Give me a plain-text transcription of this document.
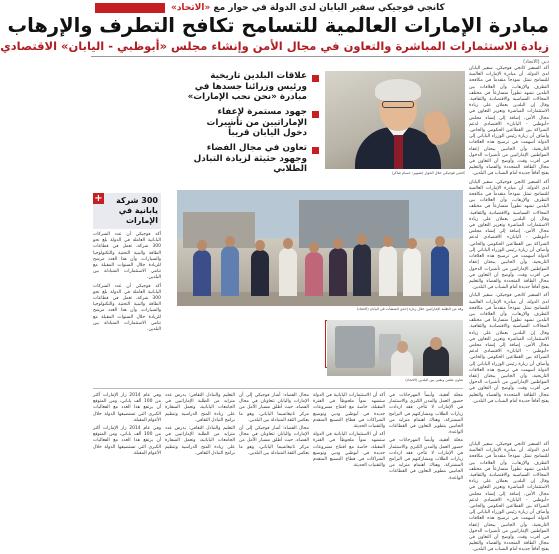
كانجي فوجيكي سفير اليابان لدى الدولة في حوار مع «الاتحاد»
مبادرة الإمارات العالمية للتسامح تكافح التطرف والإرهاب
زيادة الاستثمارات المباشرة والتعاون في مجال الأمن وإنشاء مجلس «أبوظبي - اليابان» الاقتصادي
دبي (الاتحاد)

أكد السفير كانجي فوجيكي، سفير اليابان لدى الدولة، أن مبادرة الإمارات العالمية للتسامح تمثل نموذجاً متقدماً في مكافحة التطرف والإرهاب، وأن العلاقات بين البلدين تشهد تطوراً متسارعاً في مختلف المجالات السياسية والاقتصادية والثقافية. وقال إن البلدين يعملان على زيادة الاستثمارات المباشرة وتعزيز التعاون في مجال الأمن، إضافة إلى إنشاء مجلس «أبوظبي - اليابان» الاقتصادي لدعم الشراكة بين القطاعين الحكومي والخاص. وأضاف أن زيارة رئيس الوزراء الياباني إلى الدولة أسهمت في ترسيخ هذه العلاقات التاريخية، وأن الجانبين يبحثان إعفاء المواطنين الإماراتيين من تأشيرات الدخول في أقرب وقت. وأوضح أن التعاون في مجال الطاقة المتجددة والفضاء والتعليم يفتح آفاقاً جديدة أمام الشباب في البلدين.

أكد السفير كانجي فوجيكي، سفير اليابان لدى الدولة، أن مبادرة الإمارات العالمية للتسامح تمثل نموذجاً متقدماً في مكافحة التطرف والإرهاب، وأن العلاقات بين البلدين تشهد تطوراً متسارعاً في مختلف المجالات السياسية والاقتصادية والثقافية. وقال إن البلدين يعملان على زيادة الاستثمارات المباشرة وتعزيز التعاون في مجال الأمن، إضافة إلى إنشاء مجلس «أبوظبي - اليابان» الاقتصادي لدعم الشراكة بين القطاعين الحكومي والخاص. وأضاف أن زيارة رئيس الوزراء الياباني إلى الدولة أسهمت في ترسيخ هذه العلاقات التاريخية، وأن الجانبين يبحثان إعفاء المواطنين الإماراتيين من تأشيرات الدخول في أقرب وقت. وأوضح أن التعاون في مجال الطاقة المتجددة والفضاء والتعليم يفتح آفاقاً جديدة أمام الشباب في البلدين.

أكد السفير كانجي فوجيكي، سفير اليابان لدى الدولة، أن مبادرة الإمارات العالمية للتسامح تمثل نموذجاً متقدماً في مكافحة التطرف والإرهاب، وأن العلاقات بين البلدين تشهد تطوراً متسارعاً في مختلف المجالات السياسية والاقتصادية والثقافية. وقال إن البلدين يعملان على زيادة الاستثمارات المباشرة وتعزيز التعاون في مجال الأمن، إضافة إلى إنشاء مجلس «أبوظبي - اليابان» الاقتصادي لدعم الشراكة بين القطاعين الحكومي والخاص. وأضاف أن زيارة رئيس الوزراء الياباني إلى الدولة أسهمت في ترسيخ هذه العلاقات التاريخية، وأن الجانبين يبحثان إعفاء المواطنين الإماراتيين من تأشيرات الدخول في أقرب وقت. وأوضح أن التعاون في مجال الطاقة المتجددة والفضاء والتعليم يفتح آفاقاً جديدة أمام الشباب في البلدين.

كانجي فوجيكي خلال الحوار (تصوير: حسام شاكر)
علاقات البلدين تاريخية ورئيس وزرائنا جسدها في مبادرة «نحن نحب الإمارات»
جهود مستمرة لإعفاء الإماراتيين من تأشيرات دخول اليابان قريباً
تعاون في مجال الفضاء وجهود حثيثة لزيادة التبادل الطلابي
+	300 شركة يابانية في الإمارات

أكد فوجيكي أن عدد الشركات اليابانية العاملة في الدولة بلغ نحو 300 شركة، تعمل في قطاعات الطاقة والبنية التحتية والتكنولوجيا والسيارات، وأن هذا العدد مرشح للزيادة خلال السنوات المقبلة مع تنامي الاستثمارات المتبادلة بين البلدين.

أكد فوجيكي أن عدد الشركات اليابانية العاملة في الدولة بلغ نحو 300 شركة، تعمل في قطاعات الطاقة والبنية التحتية والتكنولوجيا والسيارات، وأن هذا العدد مرشح للزيادة خلال السنوات المقبلة مع تنامي الاستثمارات المتبادلة بين البلدين.

وفد من الطلبة الإماراتيين خلال زيارة إحدى المنشآت في اليابان (الاتحاد)
تعاون علمي وتقني بين البلدين (الاتحاد)

مجلة أفقية، وأيضاً المهرجانات في حضور العمل والمدن الكبرى والاستثمار في الإمارات لا تتأخر، فقد ازدادت زيارات الطلاب ومشاركتهم في البرامج المشتركة، وهناك اهتمام متزايد من الجانبين بتطوير التعاون في القطاعات الواعدة.

مجلة أفقية، وأيضاً المهرجانات في حضور العمل والمدن الكبرى والاستثمار في الإمارات لا تتأخر، فقد ازدادت زيارات الطلاب ومشاركتهم في البرامج المشتركة، وهناك اهتمام متزايد من الجانبين بتطوير التعاون في القطاعات الواعدة.

أكد أن الاستثمارات اليابانية في الدولة ستشهد نمواً ملحوظاً في الفترة المقبلة، خاصة مع افتتاح مشروعات جديدة في أبوظبي ودبي وتوسيع الشراكات في قطاع التصنيع المتقدم والتقنيات الحديثة.

أكد أن الاستثمارات اليابانية في الدولة ستشهد نمواً ملحوظاً في الفترة المقبلة، خاصة مع افتتاح مشروعات جديدة في أبوظبي ودبي وتوسيع الشراكات في قطاع التصنيع المتقدم والتقنيات الحديثة.

مجال الفضاء: أشار فوجيكي إلى أن الإمارات واليابان تتعاونان في مجال الفضاء، حيث أطلق مسبار الأمل من مركز تانيغاشيما الياباني، وهو ما يعكس الثقة المتبادلة بين البلدين.

مجال الفضاء: أشار فوجيكي إلى أن الإمارات واليابان تتعاونان في مجال الفضاء، حيث أطلق مسبار الأمل من مركز تانيغاشيما الياباني، وهو ما يعكس الثقة المتبادلة بين البلدين.

التعليم والتبادل الثقافي: يدرس عدد متزايد من الطلبة الإماراتيين في الجامعات اليابانية، وتعمل السفارة على زيادة المنح الدراسية وتنظيم برامج التبادل الثقافي.

التعليم والتبادل الثقافي: يدرس عدد متزايد من الطلبة الإماراتيين في الجامعات اليابانية، وتعمل السفارة على زيادة المنح الدراسية وتنظيم برامج التبادل الثقافي.

وفي عام 2014 زار الإمارات أكثر من 100 ألف ياباني، ومن المتوقع أن يرتفع هذا العدد مع الفعاليات الكبرى التي تستضيفها الدولة خلال الأعوام المقبلة.

وفي عام 2014 زار الإمارات أكثر من 100 ألف ياباني، ومن المتوقع أن يرتفع هذا العدد مع الفعاليات الكبرى التي تستضيفها الدولة خلال الأعوام المقبلة.

أكد السفير كانجي فوجيكي، سفير اليابان لدى الدولة، أن مبادرة الإمارات العالمية للتسامح تمثل نموذجاً متقدماً في مكافحة التطرف والإرهاب، وأن العلاقات بين البلدين تشهد تطوراً متسارعاً في مختلف المجالات السياسية والاقتصادية والثقافية. وقال إن البلدين يعملان على زيادة الاستثمارات المباشرة وتعزيز التعاون في مجال الأمن، إضافة إلى إنشاء مجلس «أبوظبي - اليابان» الاقتصادي لدعم الشراكة بين القطاعين الحكومي والخاص. وأضاف أن زيارة رئيس الوزراء الياباني إلى الدولة أسهمت في ترسيخ هذه العلاقات التاريخية، وأن الجانبين يبحثان إعفاء المواطنين الإماراتيين من تأشيرات الدخول في أقرب وقت. وأوضح أن التعاون في مجال الطاقة المتجددة والفضاء والتعليم يفتح آفاقاً جديدة أمام الشباب في البلدين.
